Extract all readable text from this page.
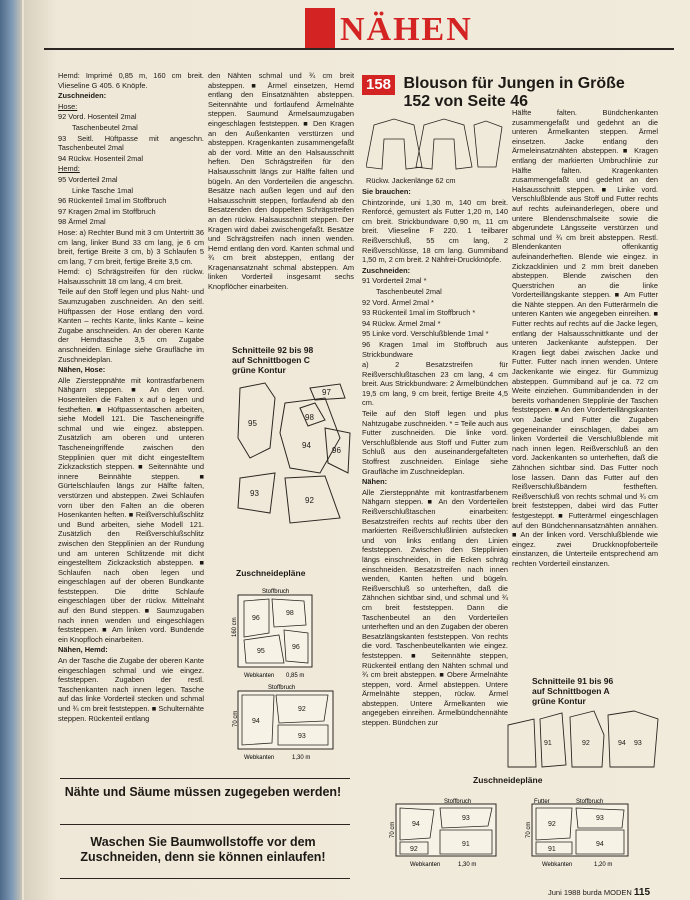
NÄHEN

Hemd: Imprimé 0,85 m, 160 cm breit. Vlieseline G 405. 6 Knöpfe.

Zuschneiden:

Hose:

92 Vord. Hosenteil 2mal

Taschenbeutel 2mal

93 Seitl. Hüftpasse mit angeschn. Taschenbeutel 2mal

94 Rückw. Hosenteil 2mal

Hemd:

95 Vorderteil 2mal

Linke Tasche 1mal

96 Rückenteil 1mal im Stoffbruch

97 Kragen 2mal im Stoffbruch

98 Ärmel 2mal

Hose: a) Rechter Bund mit 3 cm Untertritt 36 cm lang, linker Bund 33 cm lang, je 6 cm breit, fertige Breite 3 cm, b) 3 Schlaufen 5 cm lang, 7 cm breit, fertige Breite 3,5 cm.

Hemd: c) Schrägstreifen für den rückw. Halsausschnitt 18 cm lang, 4 cm breit.

Teile auf den Stoff legen und plus Naht- und Saumzugaben zuschneiden. An den seitl. Hüftpassen der Hose entlang den vord. Kanten – rechts Kante, links Kante – keine Zugabe anschneiden. An der oberen Kante der Hemdtasche 3,5 cm Zugabe anschneiden. Einlage siehe Graufläche im Zuschneideplan.

Nähen, Hose:

Alle Ziersteppnähte mit kontrastfarbenem Nähgarn steppen. ■ An den vord. Hosenteilen die Falten x auf o legen und festheften. ■ Hüftpassentaschen arbeiten, siehe Modell 121. Die Tascheneingriffe schmal und wie eingez. absteppen. Zusätzlich am oberen und unteren Tascheneingriffende zwischen den Stepplinien quer mit dicht eingestelltem Zickzackstich steppen. ■ Seitennähte und innere Beinnähte steppen. ■ Gürtelschlaufen längs zur Hälfte falten, verstürzen und absteppen. Zwei Schlaufen vorn über den Falten an die oberen Hosenkanten heften. ■ Reißverschlußschlitz und Bund arbeiten, siehe Modell 121. Zusätzlich den Reißverschlußschlitz zwischen den Stepplinien an der Rundung und am unteren Schlitzende mit dicht eingestelltem Zickzackstich absteppen. ■ Schlaufen nach oben legen und eingeschlagen auf der oberen Bundkante feststeppen. Die dritte Schlaufe eingeschlagen über der rückw. Mittelnaht auf den Bund steppen. ■ Saumzugaben nach innen wenden und eingeschlagen feststeppen. ■ Am linken vord. Bundende ein Knopfloch einarbeiten.

Nähen, Hemd:

An der Tasche die Zugabe der oberen Kante eingeschlagen schmal und wie eingez. feststeppen. Zugaben der restl. Taschenkanten nach innen legen. Tasche auf das linke Vorderteil stecken und schmal und ¾ cm breit feststeppen. ■ Schulternähte steppen. Rückenteil entlang

den Nähten schmal und ¾ cm breit absteppen. ■ Ärmel einsetzen, Hemd entlang den Einsatznähten absteppen. Seitennähte und fortlaufend Ärmelnähte steppen. Saumund Ärmelsaumzugaben eingeschlagen feststeppen. ■ Den Kragen an den Außenkanten verstürzen und absteppen. Kragenkanten zusammengefaßt ab der vord. Mitte an den Halsausschnitt heften. Den Schrägstreifen für den Halsausschnitt längs zur Hälfte falten und bügeln. An den Vorderteilen die angeschn. Besätze nach außen legen und auf den Halsausschnitt steppen, fortlaufend ab den Besatzenden den doppelten Schrägstreifen an den rückw. Halsausschnitt steppen. Der Kragen wird dabei zwischengefaßt. Besätze und Schrägstreifen nach innen wenden. Hemd entlang den vord. Kanten schmal und ¾ cm breit absteppen, entlang der Kragenansatznaht schmal absteppen. Am linken Vorderteil insgesamt sechs Knopflöcher einarbeiten.

Schnitteile 92 bis 98
auf Schnittbogen C
grüne Kontur
95
94
98
97
96
93
92
Zuschneidepläne
96
98
95
96
Stoffbruch
160 cm
Webkanten 0,85 m
94
92
93
Stoffbruch
70 cm
Webkanten	1,30 m
158 Blouson für Jungen in Größe 152 von Seite 46
Rückw. Jackenlänge 62 cm

Sie brauchen:

Chintzorinde, uni 1,30 m, 140 cm breit. Renforcé, gemustert als Futter 1,20 m, 140 cm breit. Strickbundware 0,90 m, 11 cm breit. Vlieseline F 220. 1 teilbarer Reißverschluß, 55 cm lang, 2 Reißverschlüsse, 18 cm lang. Gummiband 1,50 m, 2 cm breit. 2 Nähfrei-Druckknöpfe.

Zuschneiden:

91 Vorderteil 2mal *

Taschenbeutel 2mal

92 Vord. Ärmel 2mal *

93 Rückenteil 1mal im Stoffbruch *

94 Rückw. Ärmel 2mal *

95 Linke vord. Verschlußblende 1mal *

96 Kragen 1mal im Stoffbruch aus Strickbundware

a) 2 Besatzstreifen für Reißverschlußtaschen 23 cm lang, 4 cm breit. Aus Strickbundware: 2 Ärmelbündchen 19,5 cm lang, 9 cm breit, fertige Breite 4,5 cm.

Teile auf den Stoff legen und plus Nahtzugabe zuschneiden. * = Teile auch aus Futter zuschneiden. Die linke vord. Verschlußblende aus Stoff und Futter zum Schluß aus den auseinandergefalteten Stoffrest zuschneiden. Einlage siehe Graufläche im Zuschneideplan.

Nähen:

Alle Ziersteppnähte mit kontrastfarbenem Nähgarn steppen. ■ An den Vorderteilen Reißverschlußtaschen einarbeiten: Besatzstreifen rechts auf rechts über den markierten Reißverschlußlinien aufstecken und von links entlang den Linien feststeppen. Zwischen den Stepplinien längs einschneiden, in die Ecken schräg einschneiden. Besatzstreifen nach innen wenden, Kanten heften und bügeln. Reißverschluß so unterheften, daß die Zähnchen sichtbar sind, und schmal und ¾ cm breit feststeppen. Dann die Taschenbeutel an den Vorderteilen unterheften und an den Zugaben der oberen Besatzlängskanten feststeppen. Von rechts die vord. Taschenbeutelkanten wie eingez. feststeppen. ■ Seitennähte steppen, Rückenteil entlang den Nähten schmal und ¾ cm breit absteppen. ■ Obere Ärmelnähte steppen, vord. Ärmel absteppen. Untere Ärmelnähte steppen, rückw. Ärmel absteppen. Untere Ärmelkanten wie angegeben einreihen. Ärmelbündchennähte steppen. Bündchen zur

Hälfte falten. Bündchenkanten zusammengefaßt und gedehnt an die unteren Ärmelkanten steppen. Ärmel einsetzen. Jacke entlang den Ärmeleinsatznähten absteppen. ■ Kragen entlang der markierten Umbruchlinie zur Hälfte falten. Kragenkanten zusammengefaßt und gedehnt an den Halsausschnitt steppen. ■ Linke vord. Verschlußblende aus Stoff und Futter rechts auf rechts aufeinanderlegen, obere und untere Blendenschmalseite sowie die abgerundete Längsseite verstürzen und schmal und ¾ cm breit absteppen. Restl. Blendenkanten offenkantig aufeinanderheften. Blende wie eingez. in Zickzacklinien und 2 mm breit daneben absteppen. Blende zwischen den Querstrichen an die linke Vorderteillängskante steppen. ■ Am Futter die Nähte steppen. An den Futterärmeln die unteren Kanten wie angegeben einreihen. ■ Futter rechts auf rechts auf die Jacke legen, entlang der Halsausschnittkante und der unteren Jackenkante aufsteppen. Der Kragen liegt dabei zwischen Jacke und Futter. Futter nach innen wenden. Untere Jackenkante wie eingez. für Gummizug absteppen. Gummiband auf je ca. 72 cm Weite einziehen. Gummibandenden in der bereits vorhandenen Stepplinie der Taschen feststeppen. ■ An den Vorderteillängskanten von Jacke und Futter die Zugaben gegeneinander einschlagen, dabei am linken Vorderteil die Verschlußblende mit nach innen legen. Reißverschluß an den vord. Jackenkanten so unterheften, daß die Zähnchen sichtbar sind. Das Futter noch lose lassen. Dann das Futter auf den Reißverschlußbändern festheften. Reißverschluß von rechts schmal und ¾ cm breit feststeppen, dabei wird das Futter festgesteppt. ■ Futterärmel eingeschlagen auf den Bündchennansatznähten annähen. ■ An der linken vord. Verschlußblende wie eingez. zwei Druckknopfoberteile einstanzen, die Unterteile entsprechend am rechten Vorderteil einstanzen.

Schnitteile 91 bis 96
auf Schnittbogen A
grüne Kontur
91	92	94 93
Zuschneidepläne
94
93
92
91
Stoffbruch
70 cm
Webkanten	1,30 m
92
93
91
94
Futter	Stoffbruch
70 cm
Webkanten	1,20 m
Nähte und Säume müssen zugegeben werden!
Waschen Sie Baumwollstoffe vor dem Zuschneiden, denn sie können einlaufen!
Juni 1988 burda MODEN 115
